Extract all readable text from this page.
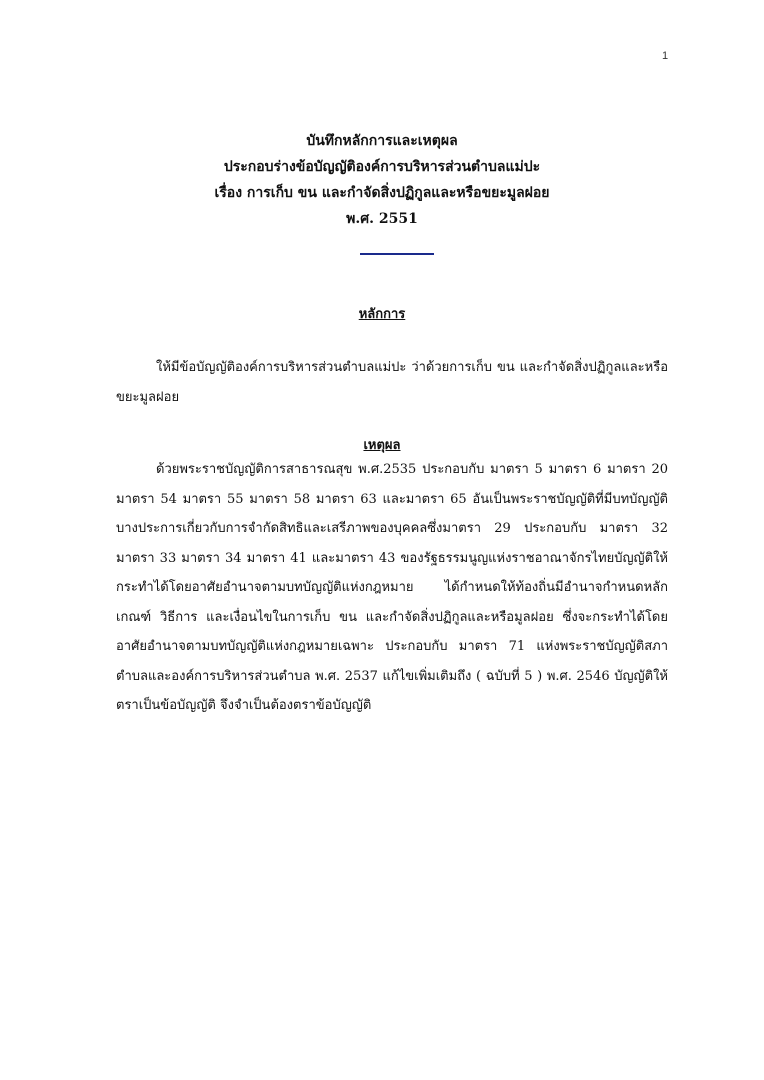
1
บันทึกหลักการและเหตุผล
ประกอบร่างข้อบัญญัติองค์การบริหารส่วนตำบลแม่ปะ
เรื่อง การเก็บ ขน และกำจัดสิ่งปฏิกูลและหรือขยะมูลฝอย
พ.ศ. 2551
หลักการ

ให้มีข้อบัญญัติองค์การบริหารส่วนตำบลแม่ปะ ว่าด้วยการเก็บ ขน และกำจัดสิ่งปฏิกูลและหรือขยะมูลฝอย

เหตุผล

ด้วยพระราชบัญญัติการสาธารณสุข พ.ศ.2535 ประกอบกับ มาตรา 5 มาตรา 6 มาตรา 20 มาตรา 54 มาตรา 55 มาตรา 58 มาตรา 63 และมาตรา 65 อันเป็นพระราชบัญญัติที่มีบทบัญญัติบางประการเกี่ยวกับการจำกัดสิทธิและเสรีภาพของบุคคลซึ่งมาตรา 29 ประกอบกับ มาตรา 32 มาตรา 33 มาตรา 34 มาตรา 41 และมาตรา 43 ของรัฐธรรมนูญแห่งราชอาณาจักรไทยบัญญัติให้กระทำได้โดยอาศัยอำนาจตามบทบัญญัติแห่งกฎหมาย ได้กำหนดให้ท้องถิ่นมีอำนาจกำหนดหลักเกณฑ์ วิธีการ และเงื่อนไขในการเก็บ ขน และกำจัดสิ่งปฏิกูลและหรือมูลฝอย ซึ่งจะกระทำได้โดยอาศัยอำนาจตามบทบัญญัติแห่งกฎหมายเฉพาะ ประกอบกับ มาตรา 71 แห่งพระราชบัญญัติสภาตำบลและองค์การบริหารส่วนตำบล พ.ศ. 2537 แก้ไขเพิ่มเติมถึง ( ฉบับที่ 5 ) พ.ศ. 2546 บัญญัติให้ตราเป็นข้อบัญญัติ จึงจำเป็นต้องตราข้อบัญญัติ
